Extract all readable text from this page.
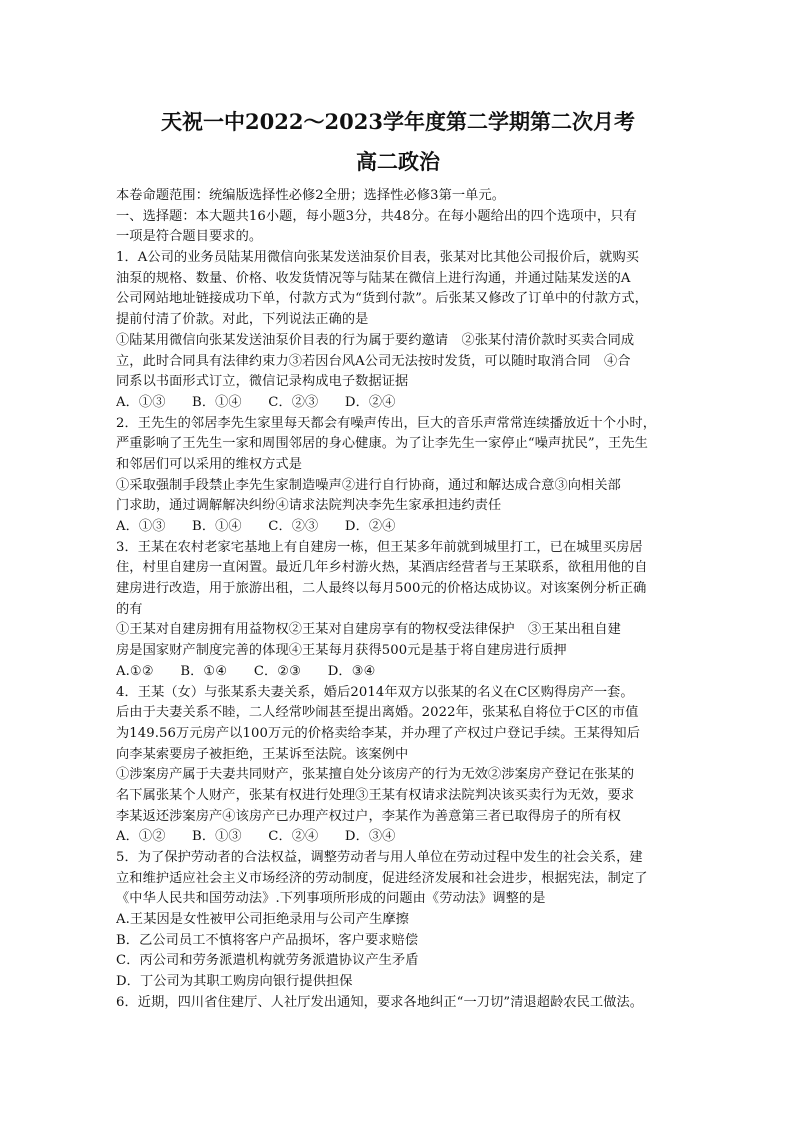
天祝一中2022～2023学年度第二学期第二次月考
高二政治
本卷命题范围：统编版选择性必修2全册；选择性必修3第一单元。
一、选择题：本大题共16小题，每小题3分，共48分。在每小题给出的四个选项中，只有
一项是符合题目要求的。
1．A公司的业务员陆某用微信向张某发送油泵价目表，张某对比其他公司报价后，就购买
油泵的规格、数量、价格、收发货情况等与陆某在微信上进行沟通，并通过陆某发送的A
公司网站地址链接成功下单，付款方式为“货到付款”。后张某又修改了订单中的付款方式，
提前付清了价款。对此，下列说法正确的是
①陆某用微信向张某发送油泵价目表的行为属于要约邀请　②张某付清价款时买卖合同成
立，此时合同具有法律约束力③若因台风A公司无法按时发货，可以随时取消合同　④合
同系以书面形式订立，微信记录构成电子数据证据
A．①③　　B．①④　　C．②③　　D．②④
2．王先生的邻居李先生家里每天都会有噪声传出，巨大的音乐声常常连续播放近十个小时，
严重影响了王先生一家和周围邻居的身心健康。为了让李先生一家停止“噪声扰民”，王先生
和邻居们可以采用的维权方式是
①采取强制手段禁止李先生家制造噪声②进行自行协商，通过和解达成合意③向相关部
门求助，通过调解解决纠纷④请求法院判决李先生家承担违约责任
A．①③　　B．①④　　C．②③　　D．②④
3．王某在农村老家宅基地上有自建房一栋，但王某多年前就到城里打工，已在城里买房居
住，村里自建房一直闲置。最近几年乡村游火热，某酒店经营者与王某联系，欲租用他的自
建房进行改造，用于旅游出租，二人最终以每月500元的价格达成协议。对该案例分析正确
的有
①王某对自建房拥有用益物权②王某对自建房享有的物权受法律保护　③王某出租自建
房是国家财产制度完善的体现④王某每月获得500元是基于将自建房进行质押
A.①②　　B．①④　　C．②③　　D．③④
4．王某（女）与张某系夫妻关系，婚后2014年双方以张某的名义在C区购得房产一套。
后由于夫妻关系不睦，二人经常吵闹甚至提出离婚。2022年，张某私自将位于C区的市值
为149.56万元房产以100万元的价格卖给李某，并办理了产权过户登记手续。王某得知后
向李某索要房子被拒绝，王某诉至法院。该案例中
①涉案房产属于夫妻共同财产，张某擅自处分该房产的行为无效②涉案房产登记在张某的
名下属张某个人财产，张某有权进行处理③王某有权请求法院判决该买卖行为无效，要求
李某返还涉案房产④该房产已办理产权过户，李某作为善意第三者已取得房子的所有权
A．①②　　B．①③　　C．②④　　D．③④
5．为了保护劳动者的合法权益，调整劳动者与用人单位在劳动过程中发生的社会关系，建
立和维护适应社会主义市场经济的劳动制度，促进经济发展和社会进步，根据宪法，制定了
《中华人民共和国劳动法》.下列事项所形成的问题由《劳动法》调整的是
A.王某因是女性被甲公司拒绝录用与公司产生摩擦
B．乙公司员工不慎将客户产品损坏，客户要求赔偿
C．丙公司和劳务派遣机构就劳务派遣协议产生矛盾
D．丁公司为其职工购房向银行提供担保
6．近期，四川省住建厅、人社厅发出通知，要求各地纠正“一刀切”清退超龄农民工做法。
